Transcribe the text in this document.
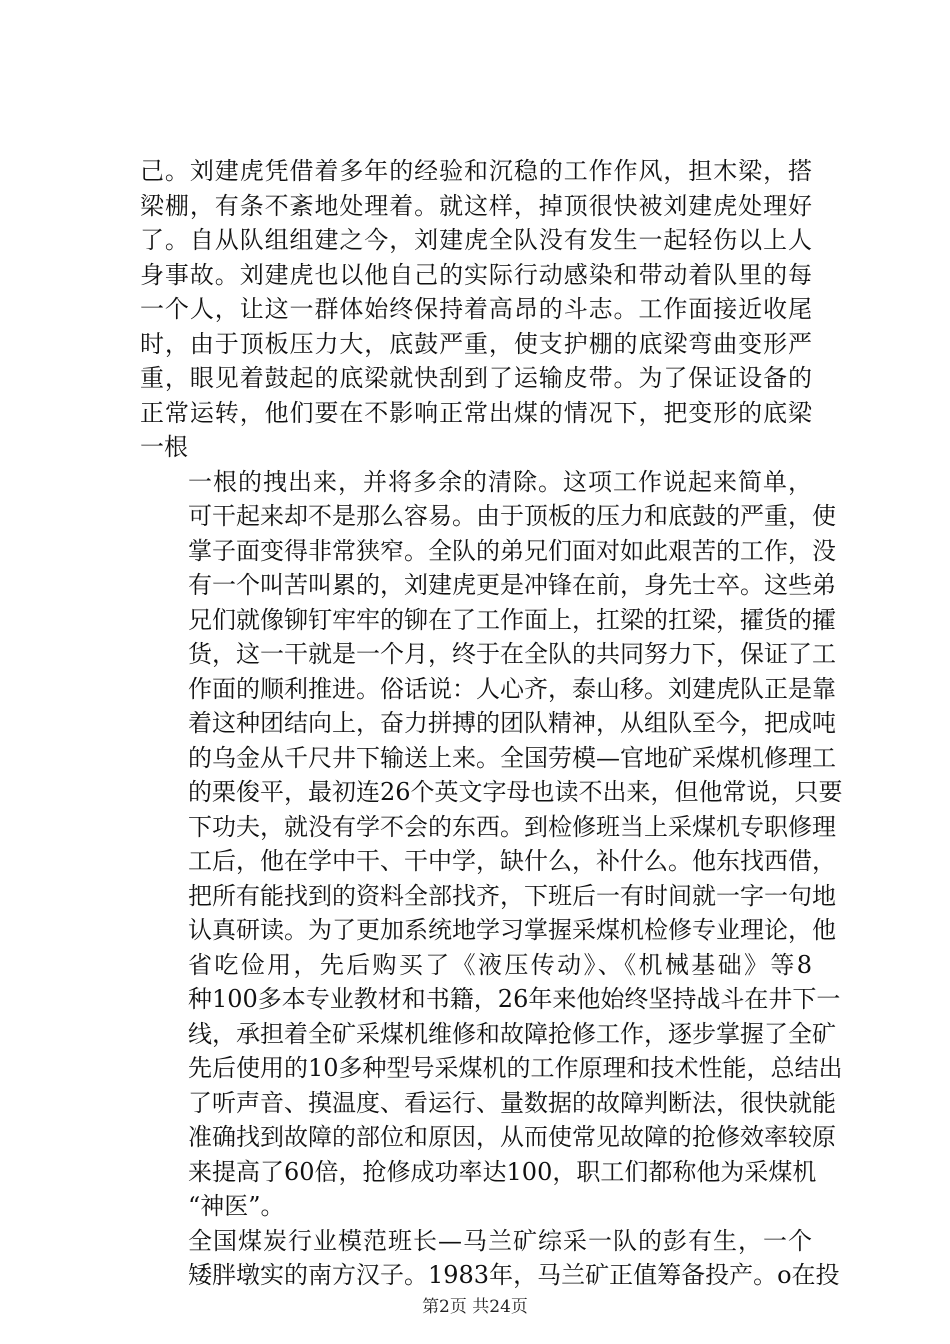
己。刘建虎凭借着多年的经验和沉稳的工作作风，担木梁，搭
梁棚，有条不紊地处理着。就这样，掉顶很快被刘建虎处理好
了。自从队组组建之今，刘建虎全队没有发生一起轻伤以上人
身事故。刘建虎也以他自己的实际行动感染和带动着队里的每
一个人，让这一群体始终保持着高昂的斗志。工作面接近收尾
时，由于顶板压力大，底鼓严重，使支护棚的底梁弯曲变形严
重，眼见着鼓起的底梁就快刮到了运输皮带。为了保证设备的
正常运转，他们要在不影响正常出煤的情况下，把变形的底梁
一根
一根的拽出来，并将多余的清除。这项工作说起来简单，
可干起来却不是那么容易。由于顶板的压力和底鼓的严重，使
掌子面变得非常狭窄。全队的弟兄们面对如此艰苦的工作，没
有一个叫苦叫累的，刘建虎更是冲锋在前，身先士卒。这些弟
兄们就像铆钉牢牢的铆在了工作面上，扛梁的扛梁，攉货的攉
货，这一干就是一个月，终于在全队的共同努力下，保证了工
作面的顺利推进。俗话说：人心齐，泰山移。刘建虎队正是靠
着这种团结向上，奋力拼搏的团队精神，从组队至今，把成吨
的乌金从千尺井下输送上来。全国劳模—官地矿采煤机修理工
的栗俊平，最初连26个英文字母也读不出来，但他常说，只要
下功夫，就没有学不会的东西。到检修班当上采煤机专职修理
工后，他在学中干、干中学，缺什么，补什么。他东找西借，
把所有能找到的资料全部找齐，下班后一有时间就一字一句地
认真研读。为了更加系统地学习掌握采煤机检修专业理论，他
省吃俭用，先后购买了《液压传动》、《机械基础》等8
种100多本专业教材和书籍，26年来他始终坚持战斗在井下一
线，承担着全矿采煤机维修和故障抢修工作，逐步掌握了全矿
先后使用的10多种型号采煤机的工作原理和技术性能，总结出
了听声音、摸温度、看运行、量数据的故障判断法，很快就能
准确找到故障的部位和原因，从而使常见故障的抢修效率较原
来提高了60倍，抢修成功率达100，职工们都称他为采煤机
“神医”。
全国煤炭行业模范班长—马兰矿综采一队的彭有生，一个
矮胖墩实的南方汉子。1983年，马兰矿正值筹备投产。o在投
第2页 共24页
